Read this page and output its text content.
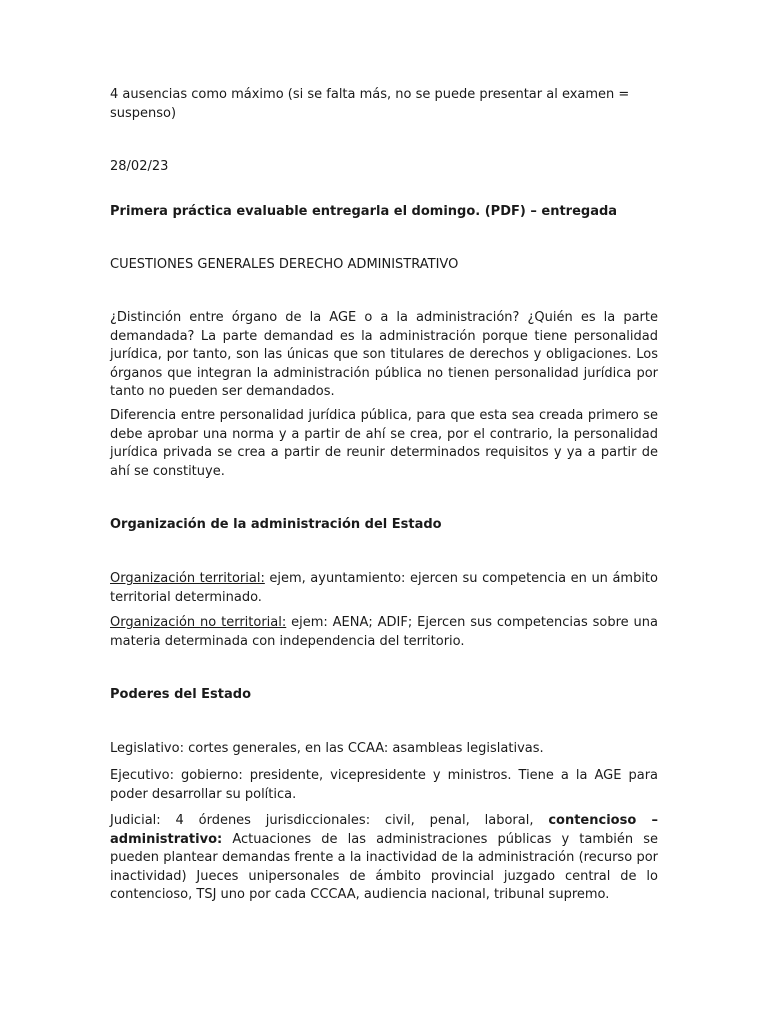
4 ausencias como máximo (si se falta más, no se puede presentar al examen = suspenso)

28/02/23

Primera práctica evaluable entregarla el domingo. (PDF) – entregada

CUESTIONES GENERALES DERECHO ADMINISTRATIVO

¿Distinción entre órgano de la AGE o a la administración? ¿Quién es la parte demandada? La parte demandad es la administración porque tiene personalidad jurídica, por tanto, son las únicas que son titulares de derechos y obligaciones. Los órganos que integran la administración pública no tienen personalidad jurídica por tanto no pueden ser demandados.

Diferencia entre personalidad jurídica pública, para que esta sea creada primero se debe aprobar una norma y a partir de ahí se crea, por el contrario, la personalidad jurídica privada se crea a partir de reunir determinados requisitos y ya a partir de ahí se constituye.

Organización de la administración del Estado

Organización territorial: ejem, ayuntamiento: ejercen su competencia en un ámbito territorial determinado.

Organización no territorial: ejem: AENA; ADIF; Ejercen sus competencias sobre una materia determinada con independencia del territorio.

Poderes del Estado

Legislativo: cortes generales, en las CCAA: asambleas legislativas.

Ejecutivo: gobierno: presidente, vicepresidente y ministros. Tiene a la AGE para poder desarrollar su política.

Judicial: 4 órdenes jurisdiccionales: civil, penal, laboral, contencioso – administrativo: Actuaciones de las administraciones públicas y también se pueden plantear demandas frente a la inactividad de la administración (recurso por inactividad) Jueces unipersonales de ámbito provincial juzgado central de lo contencioso, TSJ uno por cada CCCAA, audiencia nacional, tribunal supremo.
